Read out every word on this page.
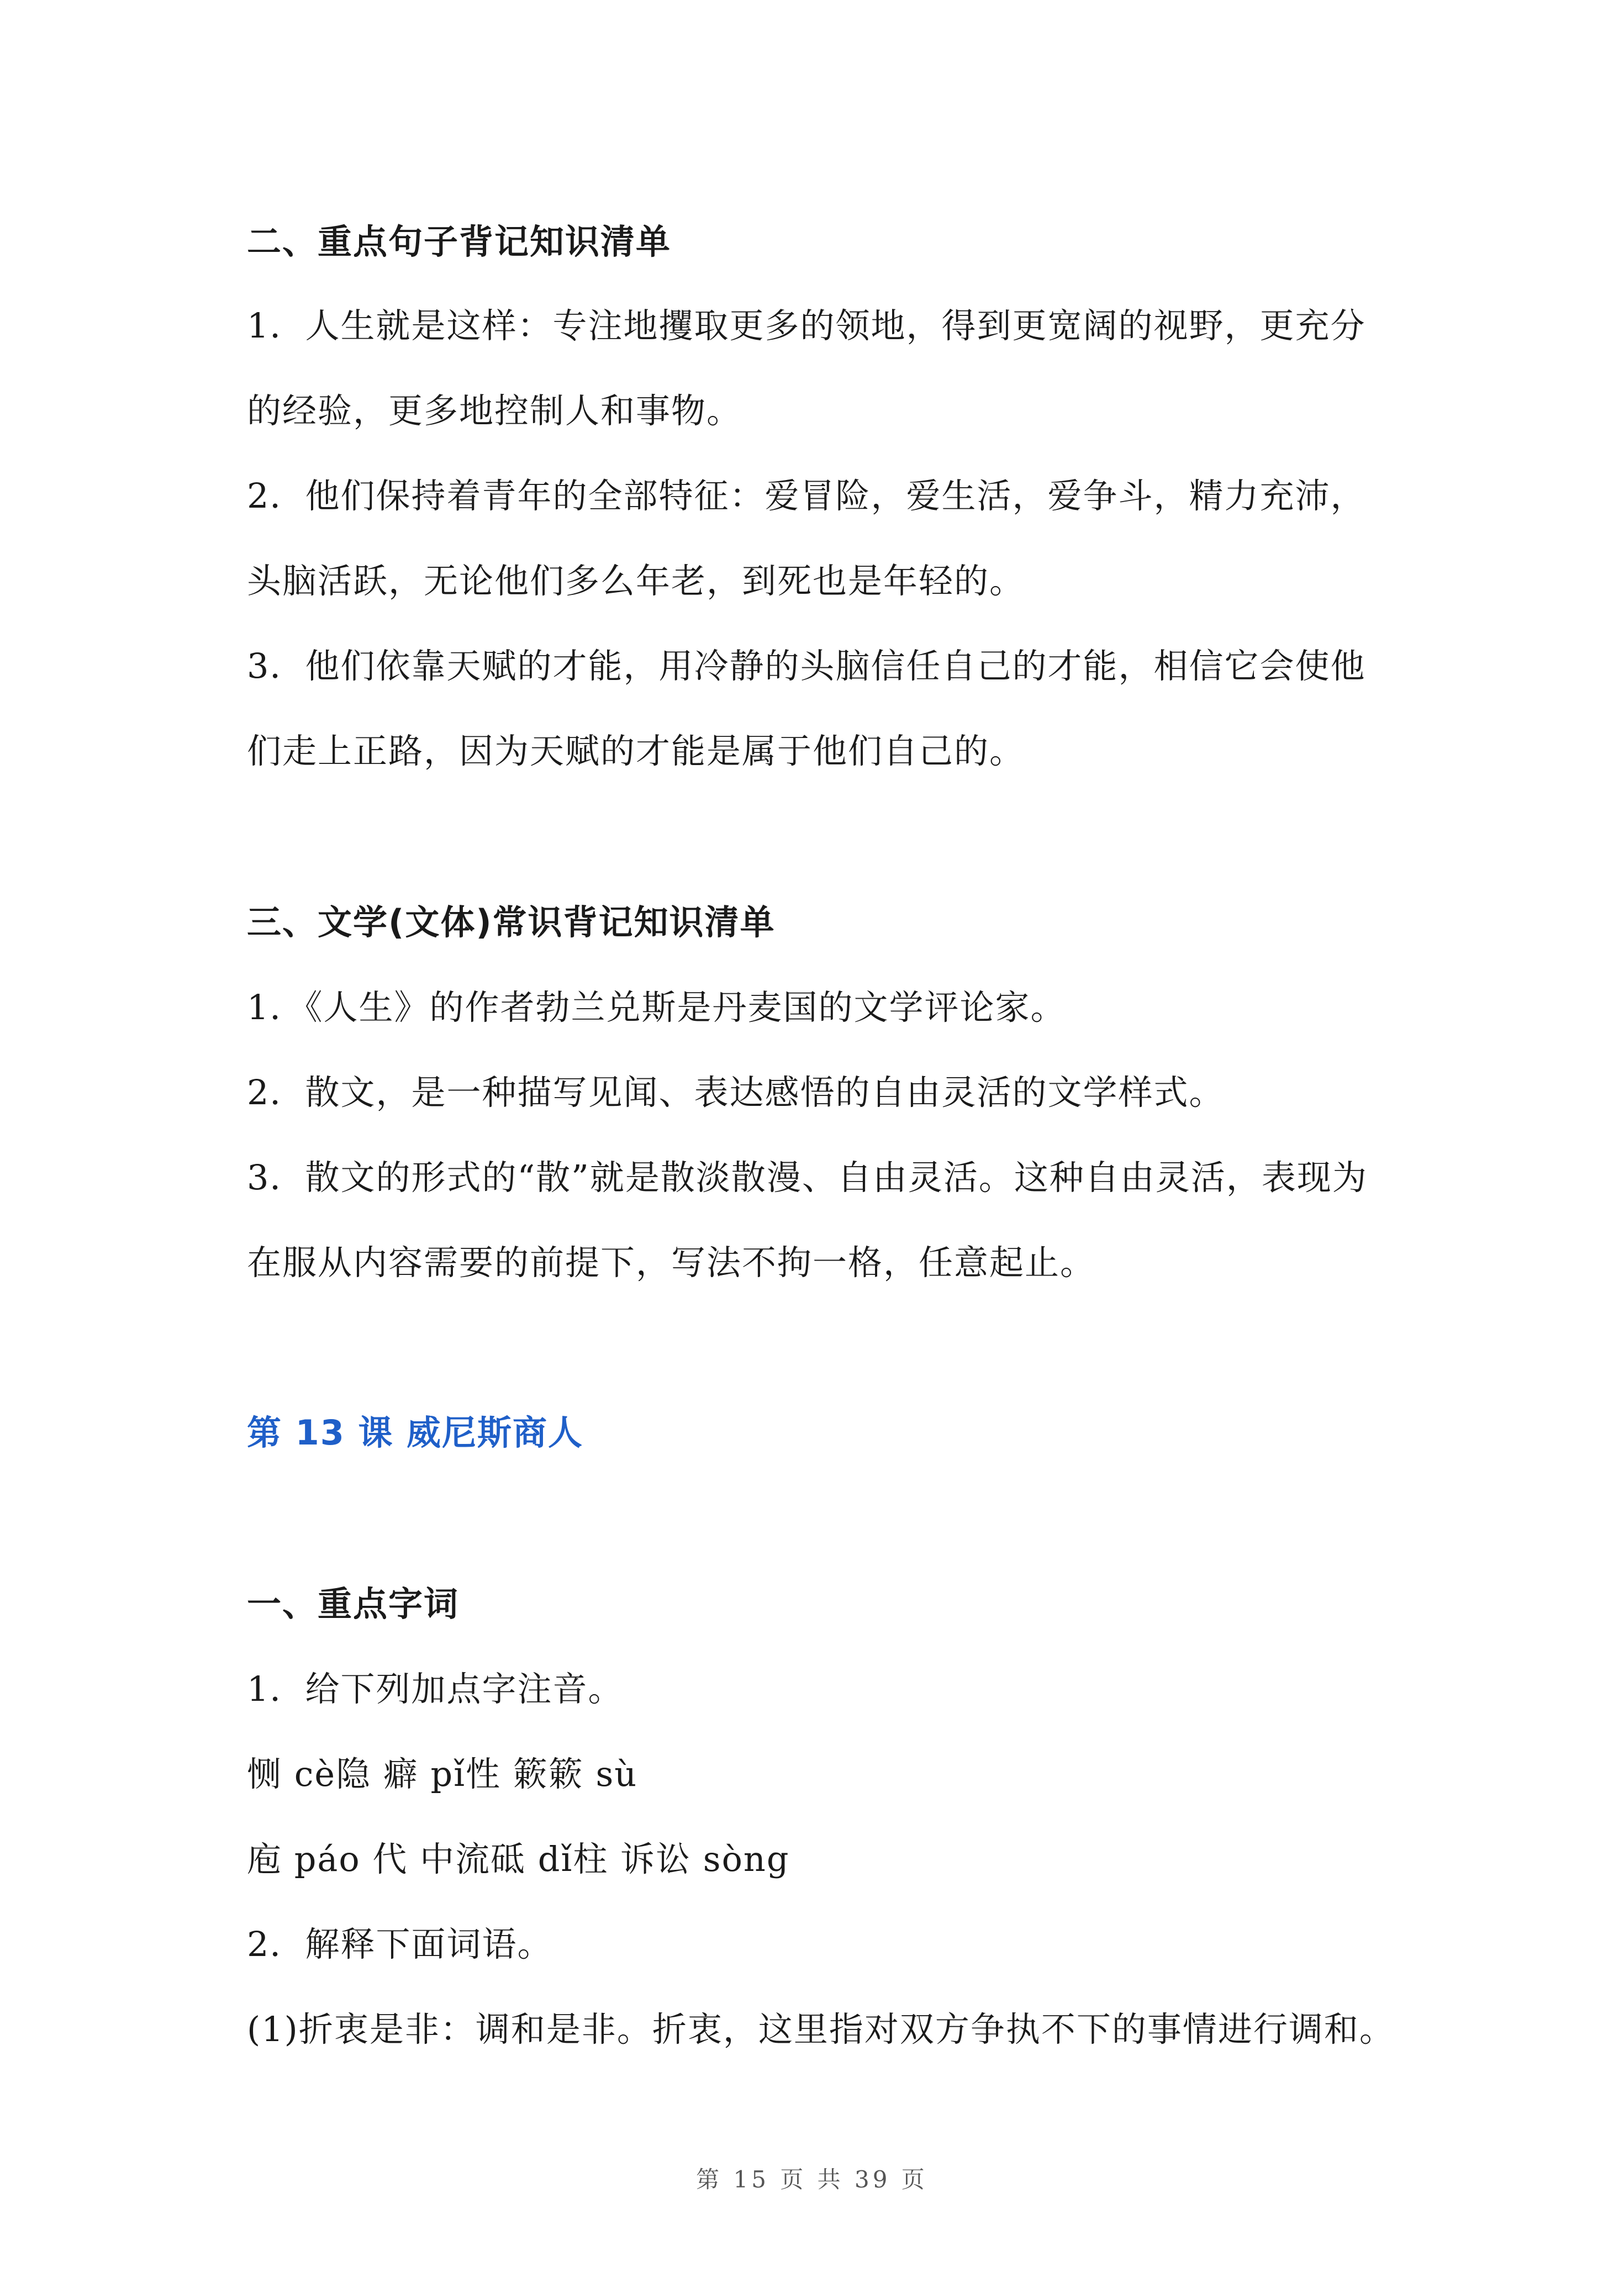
二、重点句子背记知识清单
1．人生就是这样：专注地攫取更多的领地，得到更宽阔的视野，更充分
的经验，更多地控制人和事物。
2．他们保持着青年的全部特征：爱冒险，爱生活，爱争斗，精力充沛，
头脑活跃，无论他们多么年老，到死也是年轻的。
3．他们依靠天赋的才能，用冷静的头脑信任自己的才能，相信它会使他
们走上正路，因为天赋的才能是属于他们自己的。
三、文学(文体)常识背记知识清单
1．《人生》的作者勃兰兑斯是丹麦国的文学评论家。
2．散文，是一种描写见闻、表达感悟的自由灵活的文学样式。
3．散文的形式的“散”就是散淡散漫、自由灵活。这种自由灵活，表现为
在服从内容需要的前提下，写法不拘一格，任意起止。
第 13 课 威尼斯商人
一、重点字词
1．给下列加点字注音。
恻 cè隐 癖 pǐ性 簌簌 sù
庖 páo 代 中流砥 dǐ柱 诉讼 sòng
2．解释下面词语。
(1)折衷是非：调和是非。折衷，这里指对双方争执不下的事情进行调和。
第 15 页 共 39 页
